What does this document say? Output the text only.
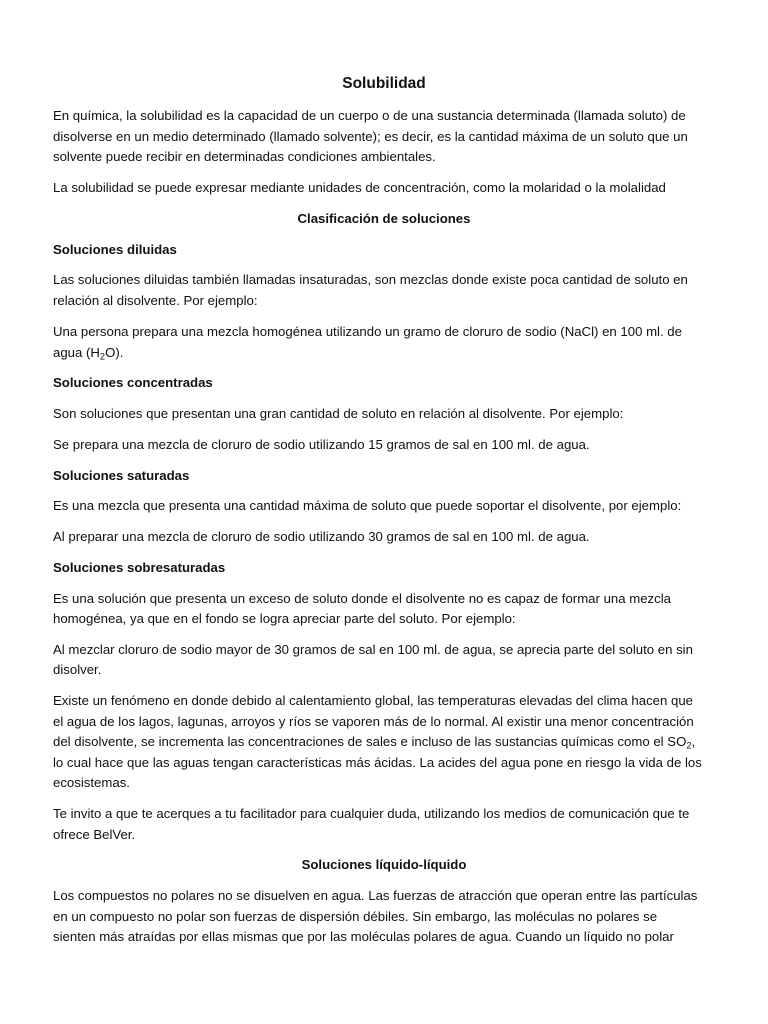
Solubilidad
En química, la solubilidad es la capacidad de un cuerpo o de una sustancia determinada (llamada soluto) de
disolverse en un medio determinado (llamado solvente); es decir, es la cantidad máxima de un soluto que un
solvente puede recibir en determinadas condiciones ambientales.
La solubilidad se puede expresar mediante unidades de concentración, como la molaridad o la molalidad
Clasificación de soluciones
Soluciones diluidas
Las soluciones diluidas también llamadas insaturadas, son mezclas donde existe poca cantidad de soluto en
relación al disolvente. Por ejemplo:
Una persona prepara una mezcla homogénea utilizando un gramo de cloruro de sodio (NaCl) en 100 ml. de
agua $(H_2O)$.
Soluciones concentradas
Son soluciones que presentan una gran cantidad de soluto en relación al disolvente. Por ejemplo:
Se prepara una mezcla de cloruro de sodio utilizando 15 gramos de sal en 100 ml. de agua.
Soluciones saturadas
Es una mezcla que presenta una cantidad máxima de soluto que puede soportar el disolvente, por ejemplo:
Al preparar una mezcla de cloruro de sodio utilizando 30 gramos de sal en 100 ml. de agua.
Soluciones sobresaturadas
Es una solución que presenta un exceso de soluto donde el disolvente no es capaz de formar una mezcla
homogénea, ya que en el fondo se logra apreciar parte del soluto. Por ejemplo:
Al mezclar cloruro de sodio mayor de 30 gramos de sal en 100 ml. de agua, se aprecia parte del soluto en sin
disolver.
Existe un fenómeno en donde debido al calentamiento global, las temperaturas elevadas del clima hacen que
el agua de los lagos, lagunas, arroyos y ríos se vaporen más de lo normal. Al existir una menor concentración
del disolvente, se incrementa las concentraciones de sales e incluso de las sustancias químicas como el $SO_2$,
lo cual hace que las aguas tengan características más ácidas. La acides del agua pone en riesgo la vida de los
ecosistemas.
Te invito a que te acerques a tu facilitador para cualquier duda, utilizando los medios de comunicación que te
ofrece BelVer.
Soluciones líquido-líquido
Los compuestos no polares no se disuelven en agua. Las fuerzas de atracción que operan entre las partículas
en un compuesto no polar son fuerzas de dispersión débiles. Sin embargo, las moléculas no polares se
sienten más atraídas por ellas mismas que por las moléculas polares de agua. Cuando un líquido no polar
